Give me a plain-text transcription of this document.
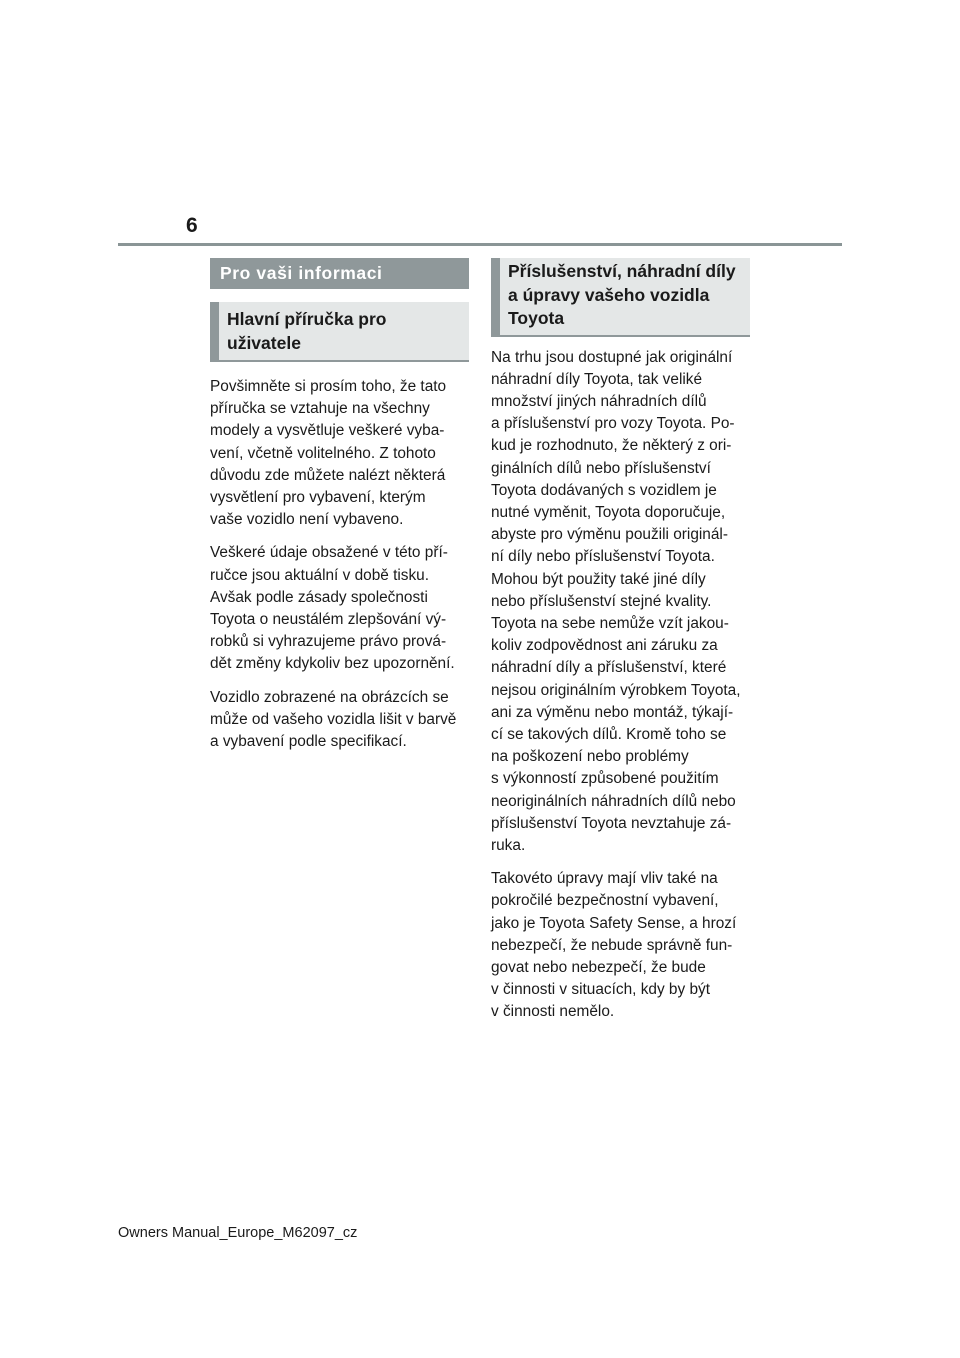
6
Pro vaši informaci
Hlavní příručka pro uživatele

Povšimněte si prosím toho, že tato
příručka se vztahuje na všechny
modely a vysvětluje veškeré vyba-
vení, včetně volitelného. Z tohoto
důvodu zde můžete nalézt některá
vysvětlení pro vybavení, kterým
vaše vozidlo není vybaveno.

Veškeré údaje obsažené v této pří-
ručce jsou aktuální v době tisku.
Avšak podle zásady společnosti
Toyota o neustálém zlepšování vý-
robků si vyhrazujeme právo prová-
dět změny kdykoliv bez upozornění.

Vozidlo zobrazené na obrázcích se
může od vašeho vozidla lišit v barvě
a vybavení podle specifikací.

Příslušenství, náhradní díly
a úpravy vašeho vozidla
Toyota

Na trhu jsou dostupné jak originální
náhradní díly Toyota, tak veliké
množství jiných náhradních dílů
a příslušenství pro vozy Toyota. Po-
kud je rozhodnuto, že některý z ori-
ginálních dílů nebo příslušenství
Toyota dodávaných s vozidlem je
nutné vyměnit, Toyota doporučuje,
abyste pro výměnu použili originál-
ní díly nebo příslušenství Toyota.
Mohou být použity také jiné díly
nebo příslušenství stejné kvality.
Toyota na sebe nemůže vzít jakou-
koliv zodpovědnost ani záruku za
náhradní díly a příslušenství, které
nejsou originálním výrobkem Toyota,
ani za výměnu nebo montáž, týkají-
cí se takových dílů. Kromě toho se
na poškození nebo problémy
s výkonností způsobené použitím
neoriginálních náhradních dílů nebo
příslušenství Toyota nevztahuje zá-
ruka.

Takovéto úpravy mají vliv také na
pokročilé bezpečnostní vybavení,
jako je Toyota Safety Sense, a hrozí
nebezpečí, že nebude správně fun-
govat nebo nebezpečí, že bude
v činnosti v situacích, kdy by být
v činnosti nemělo.

Owners Manual_Europe_M62097_cz
